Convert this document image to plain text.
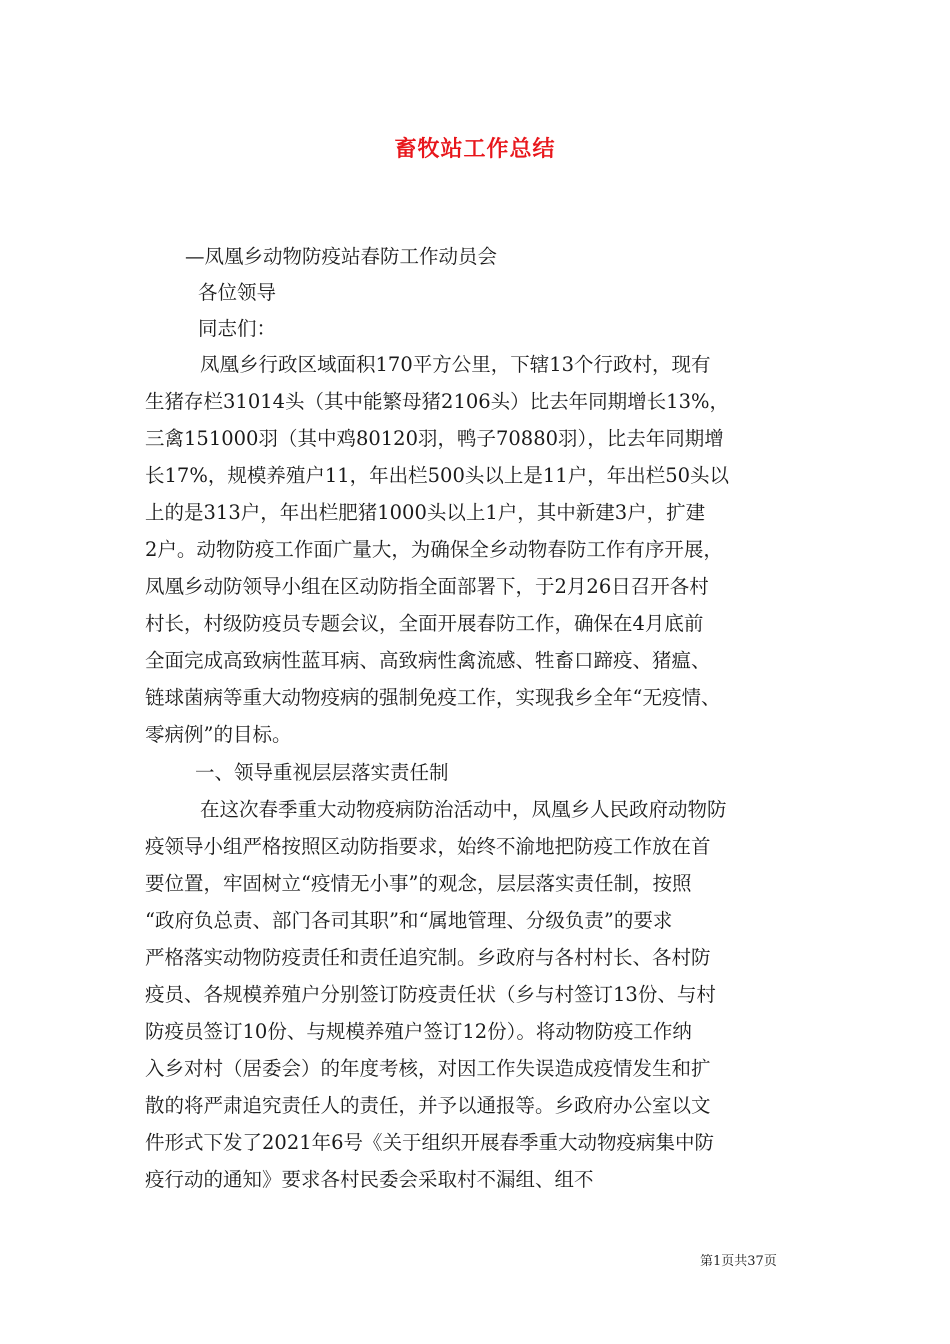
畜牧站工作总结
—凤凰乡动物防疫站春防工作动员会
各位领导
同志们：
凤凰乡行政区域面积170平方公里，下辖13个行政村，现有
生猪存栏31014头（其中能繁母猪2106头）比去年同期增长13%，
三禽151000羽（其中鸡80120羽，鸭子70880羽），比去年同期增
长17%，规模养殖户11，年出栏500头以上是11户，年出栏50头以
上的是313户，年出栏肥猪1000头以上1户，其中新建3户，扩建
2户。动物防疫工作面广量大，为确保全乡动物春防工作有序开展，
凤凰乡动防领导小组在区动防指全面部署下，于2月26日召开各村
村长，村级防疫员专题会议，全面开展春防工作，确保在4月底前
全面完成高致病性蓝耳病、高致病性禽流感、牲畜口蹄疫、猪瘟、
链球菌病等重大动物疫病的强制免疫工作，实现我乡全年“无疫情、
零病例”的目标。
一、领导重视层层落实责任制
在这次春季重大动物疫病防治活动中，凤凰乡人民政府动物防
疫领导小组严格按照区动防指要求，始终不渝地把防疫工作放在首
要位置，牢固树立“疫情无小事”的观念，层层落实责任制，按照
“政府负总责、部门各司其职”和“属地管理、分级负责”的要求
严格落实动物防疫责任和责任追究制。乡政府与各村村长、各村防
疫员、各规模养殖户分别签订防疫责任状（乡与村签订13份、与村
防疫员签订10份、与规模养殖户签订12份）。将动物防疫工作纳
入乡对村（居委会）的年度考核，对因工作失误造成疫情发生和扩
散的将严肃追究责任人的责任，并予以通报等。乡政府办公室以文
件形式下发了2021年6号《关于组织开展春季重大动物疫病集中防
疫行动的通知》要求各村民委会采取村不漏组、组不
第1页共37页
